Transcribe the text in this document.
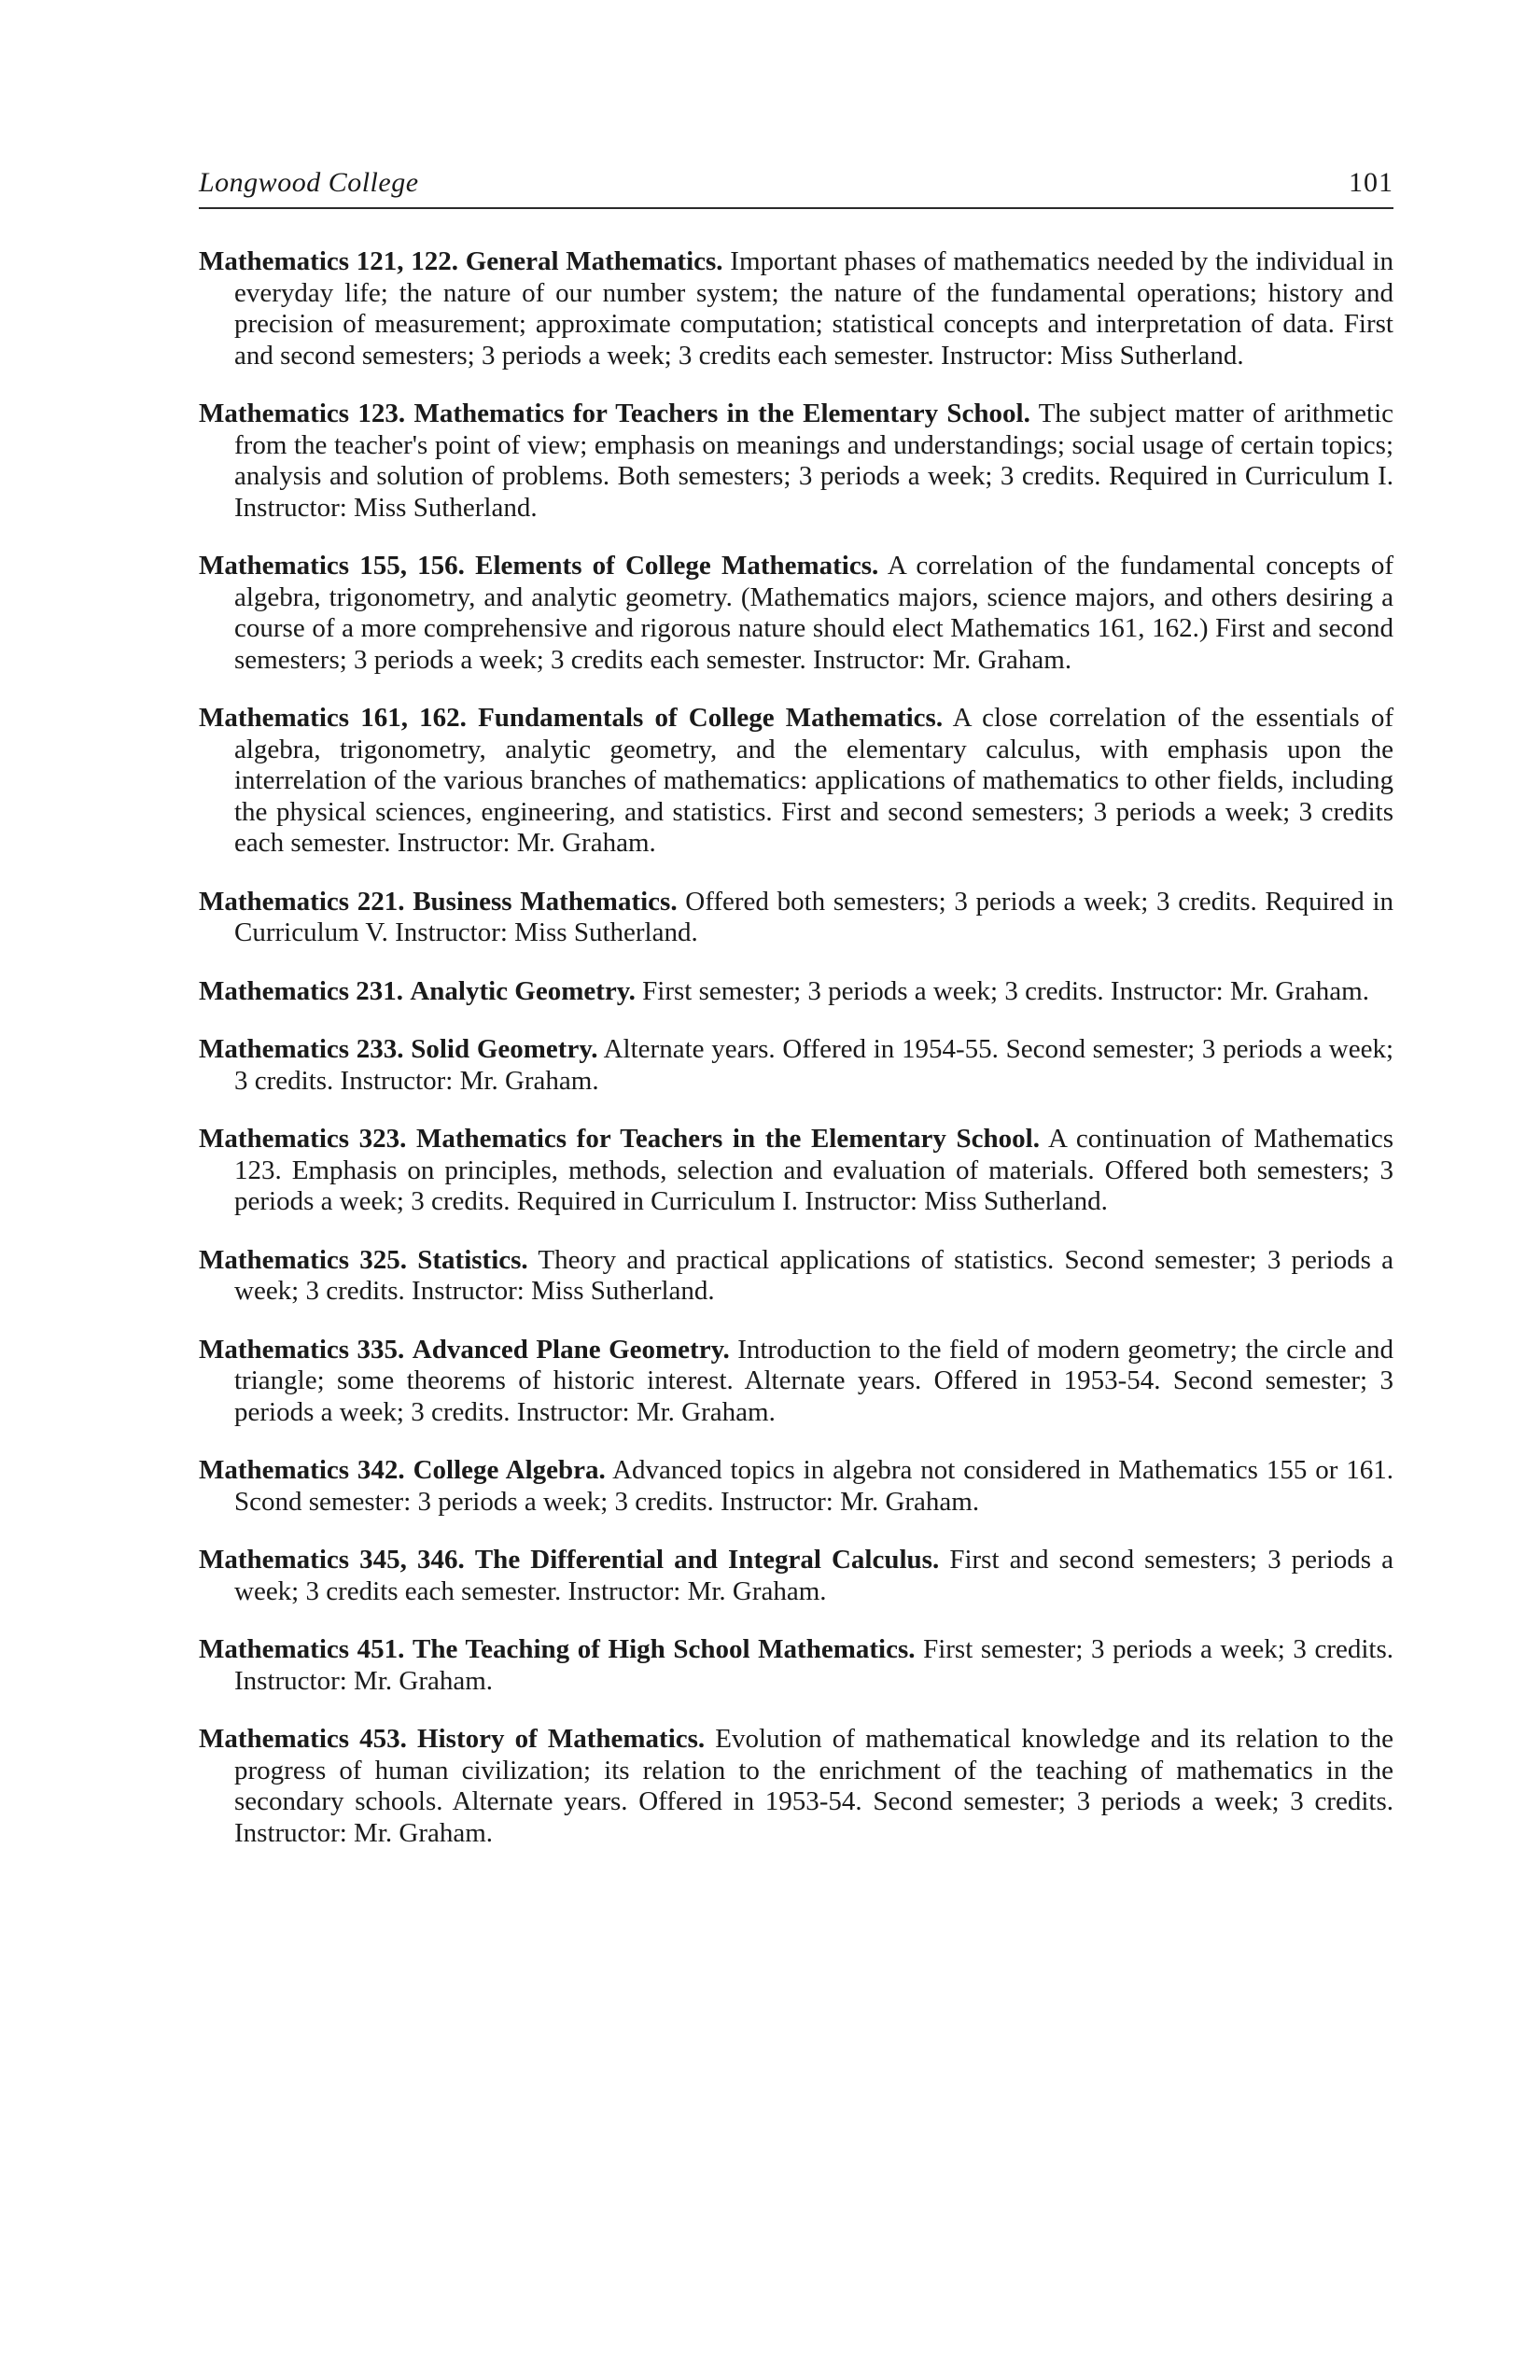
Longwood College	101

Mathematics 121, 122. General Mathematics. Important phases of mathematics needed by the individual in everyday life; the nature of our number system; the nature of the fundamental operations; history and precision of measurement; approximate computation; statistical concepts and interpretation of data. First and second semesters; 3 periods a week; 3 credits each semester. Instructor: Miss Sutherland.

Mathematics 123. Mathematics for Teachers in the Elementary School. The subject matter of arithmetic from the teacher's point of view; emphasis on meanings and understandings; social usage of certain topics; analysis and solution of problems. Both semesters; 3 periods a week; 3 credits. Required in Curriculum I. Instructor: Miss Sutherland.

Mathematics 155, 156. Elements of College Mathematics. A correlation of the fundamental concepts of algebra, trigonometry, and analytic geometry. (Mathematics majors, science majors, and others desiring a course of a more comprehensive and rigorous nature should elect Mathematics 161, 162.) First and second semesters; 3 periods a week; 3 credits each semester. Instructor: Mr. Graham.

Mathematics 161, 162. Fundamentals of College Mathematics. A close correlation of the essentials of algebra, trigonometry, analytic geometry, and the elementary calculus, with emphasis upon the interrelation of the various branches of mathematics: applications of mathematics to other fields, including the physical sciences, engineering, and statistics. First and second semesters; 3 periods a week; 3 credits each semester. Instructor: Mr. Graham.

Mathematics 221. Business Mathematics. Offered both semesters; 3 periods a week; 3 credits. Required in Curriculum V. Instructor: Miss Sutherland.

Mathematics 231. Analytic Geometry. First semester; 3 periods a week; 3 credits. Instructor: Mr. Graham.

Mathematics 233. Solid Geometry. Alternate years. Offered in 1954-55. Second semester; 3 periods a week; 3 credits. Instructor: Mr. Graham.

Mathematics 323. Mathematics for Teachers in the Elementary School. A continuation of Mathematics 123. Emphasis on principles, methods, selection and evaluation of materials. Offered both semesters; 3 periods a week; 3 credits. Required in Curriculum I. Instructor: Miss Sutherland.

Mathematics 325. Statistics. Theory and practical applications of statistics. Second semester; 3 periods a week; 3 credits. Instructor: Miss Sutherland.

Mathematics 335. Advanced Plane Geometry. Introduction to the field of modern geometry; the circle and triangle; some theorems of historic interest. Alternate years. Offered in 1953-54. Second semester; 3 periods a week; 3 credits. Instructor: Mr. Graham.

Mathematics 342. College Algebra. Advanced topics in algebra not considered in Mathematics 155 or 161. Scond semester: 3 periods a week; 3 credits. Instructor: Mr. Graham.

Mathematics 345, 346. The Differential and Integral Calculus. First and second semesters; 3 periods a week; 3 credits each semester. Instructor: Mr. Graham.

Mathematics 451. The Teaching of High School Mathematics. First semester; 3 periods a week; 3 credits. Instructor: Mr. Graham.

Mathematics 453. History of Mathematics. Evolution of mathematical knowledge and its relation to the progress of human civilization; its relation to the enrichment of the teaching of mathematics in the secondary schools. Alternate years. Offered in 1953-54. Second semester; 3 periods a week; 3 credits. Instructor: Mr. Graham.
